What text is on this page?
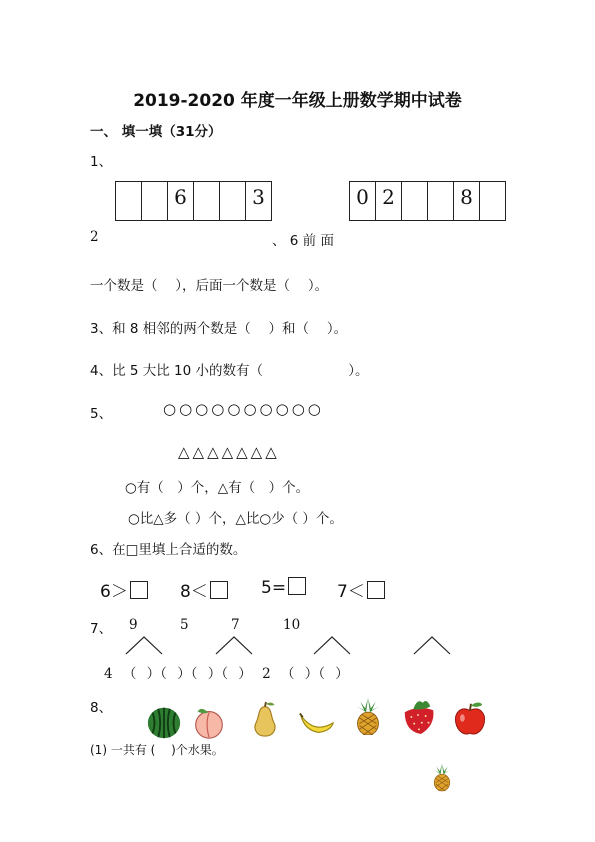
2019-2020 年度一年级上册数学期中试卷
一、 填一填（31分）
1、
6	3	0 2	8
2	、 6 前 面
一个数是（　 ），后面一个数是（　 ）。
3、和 8 相邻的两个数是（　 ）和（　 ）。
4、比 5 大比 10 小的数有（　　　　　　 ）。
5、	○○○○○○○○○○
△△△△△△△
○有（　）个，△有（　）个。
○比△多（ ）个，△比○少（ ）个。
6、在□里填上合适的数。
6＞	8＜	5=	7＜
7、 9	5	7	10
4 （ ）（ ）（ ）（ ） 2 （ ）（ ）
8、
(1) 一共有 (　 )个水果。
